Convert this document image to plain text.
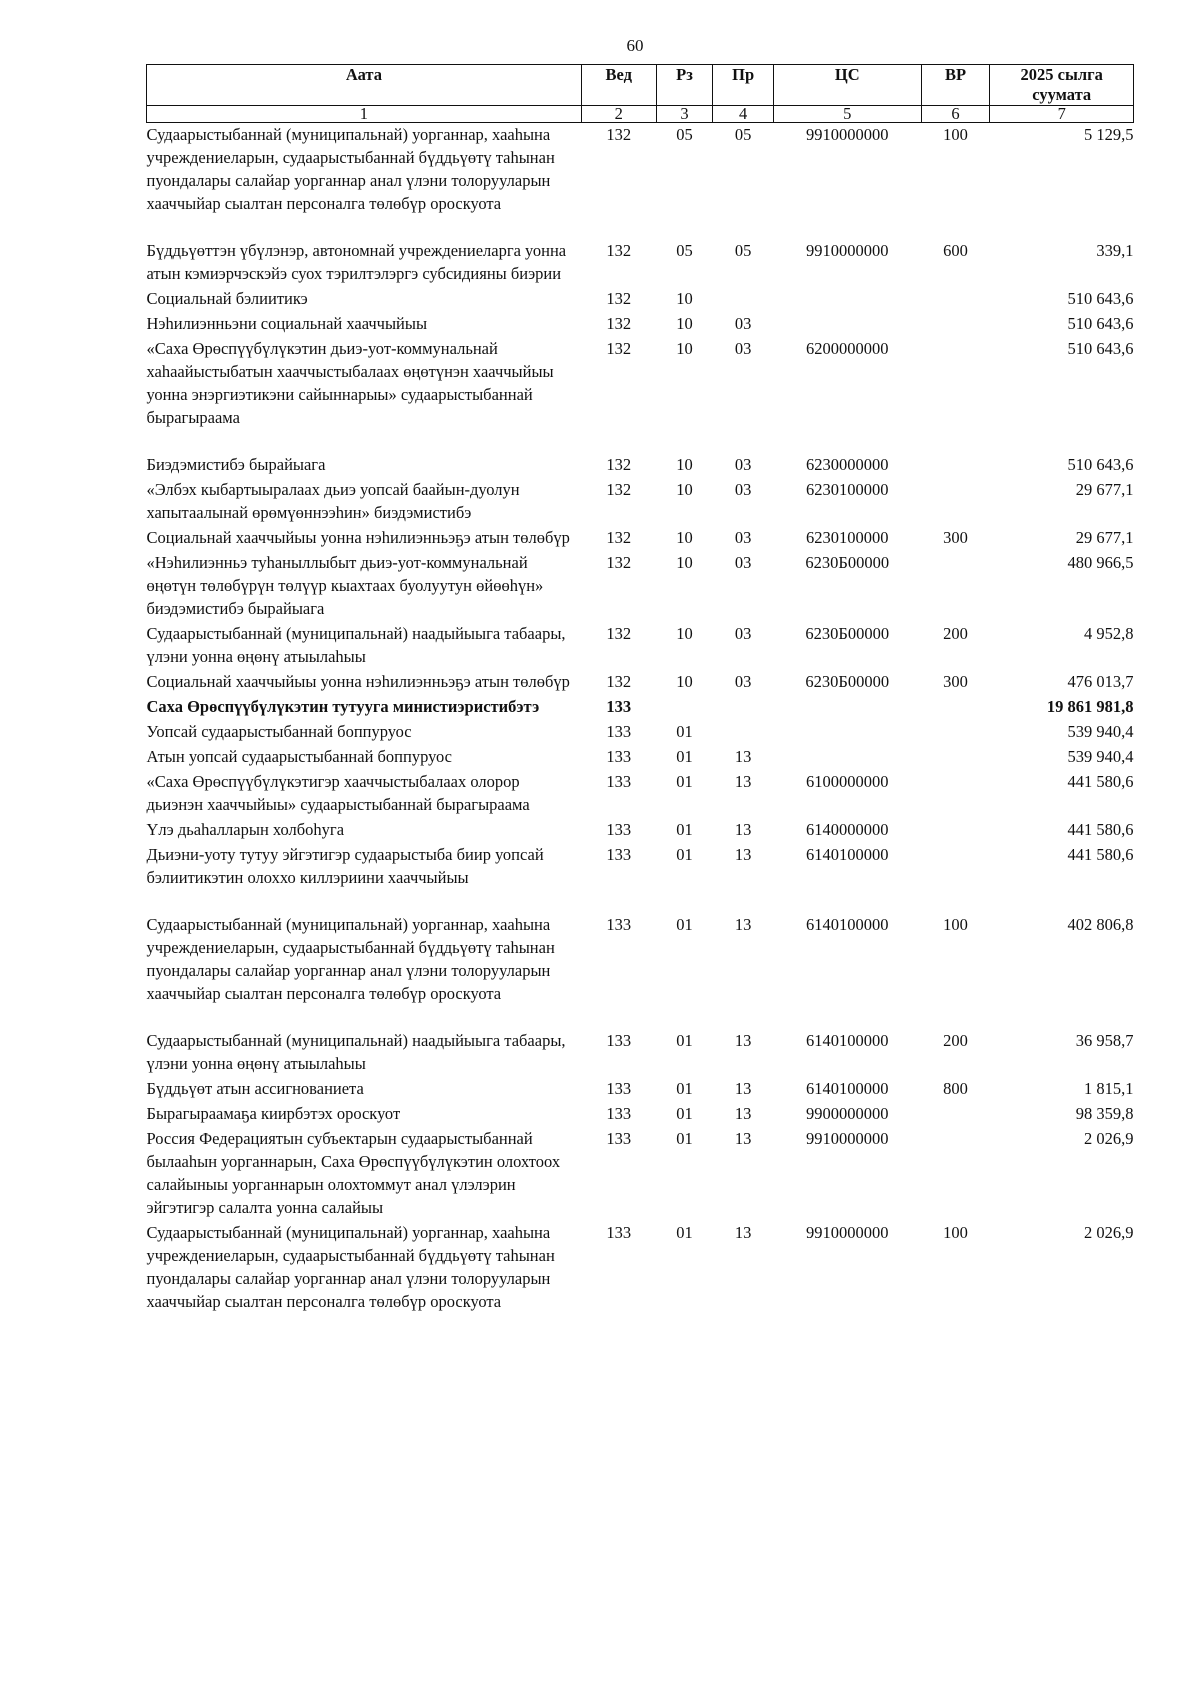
60
Аата	Вед	Рз	Пр	ЦС	ВР	2025 сылга суумата
1	2	3	4	5	6	7
Судаарыстыбаннай (муниципальнай) уорганнар, хааһына учреждениеларын, судаарыстыбаннай бүддьүөтү таһынан пуондалары салайар уорганнар анал үлэни толорууларын хааччыйар сыалтан персоналга төлөбүр ороскуота	132	05	05	9910000000	100	5 129,5
Бүддьүөттэн үбүлэнэр, автономнай учреждениеларга уонна атын кэмиэрчэскэйэ суох тэрилтэлэргэ субсидияны биэрии	132	05	05	9910000000	600	339,1
Социальнай бэлиитикэ	132	10				510 643,6
Нэһилиэнньэни социальнай хааччыйыы	132	10	03			510 643,6
«Саха Өрөспүүбүлүкэтин дьиэ-уот-коммунальнай хаһаайыстыбатын хааччыстыбалаах өңөтүнэн хааччыйыы уонна энэргиэтикэни сайыннарыы» судаарыстыбаннай бырагыраама	132	10	03	6200000000		510 643,6
Биэдэмистибэ бырайыага	132	10	03	6230000000		510 643,6
«Элбэх кыбартыыралаах дьиэ уопсай баайын-дуолун хапытаалынай өрөмүөннээһин» биэдэмистибэ	132	10	03	6230100000		29 677,1
Социальнай хааччыйыы уонна нэһилиэнньэҕэ атын төлөбүр	132	10	03	6230100000	300	29 677,1
«Нэһилиэнньэ туһаныллыбыт дьиэ-уот-коммунальнай өңөтүн төлөбүрүн төлүүр кыахтаах буолуутун өйөөһүн» биэдэмистибэ бырайыага	132	10	03	6230Б00000		480 966,5
Судаарыстыбаннай (муниципальнай) наадыйыыга табаары, үлэни уонна өңөнү атыылаһыы	132	10	03	6230Б00000	200	4 952,8
Социальнай хааччыйыы уонна нэһилиэнньэҕэ атын төлөбүр	132	10	03	6230Б00000	300	476 013,7
Саха Өрөспүүбүлүкэтин тутууга министиэристибэтэ	133					19 861 981,8
Уопсай судаарыстыбаннай боппуруос	133	01				539 940,4
Атын уопсай судаарыстыбаннай боппуруос	133	01	13			539 940,4
«Саха Өрөспүүбүлүкэтигэр хааччыстыбалаах олорор дьиэнэн хааччыйыы» судаарыстыбаннай бырагыраама	133	01	13	6100000000		441 580,6
Үлэ дьаһалларын холбоһуга	133	01	13	6140000000		441 580,6
Дьиэни-уоту тутуу эйгэтигэр судаарыстыба биир уопсай бэлиитикэтин олоххо киллэриини хааччыйыы	133	01	13	6140100000		441 580,6
Судаарыстыбаннай (муниципальнай) уорганнар, хааһына учреждениеларын, судаарыстыбаннай бүддьүөтү таһынан пуондалары салайар уорганнар анал үлэни толорууларын хааччыйар сыалтан персоналга төлөбүр ороскуота	133	01	13	6140100000	100	402 806,8
Судаарыстыбаннай (муниципальнай) наадыйыыга табаары, үлэни уонна өңөнү атыылаһыы	133	01	13	6140100000	200	36 958,7
Бүддьүөт атын ассигнованиета	133	01	13	6140100000	800	1 815,1
Бырагыраамаҕа киирбэтэх ороскуот	133	01	13	9900000000		98 359,8
Россия Федерациятын субъектарын судаарыстыбаннай былааһын уорганнарын, Саха Өрөспүүбүлүкэтин олохтоох салайыныы уорганнарын олохтоммут анал үлэлэрин эйгэтигэр салалта уонна салайыы	133	01	13	9910000000		2 026,9
Судаарыстыбаннай (муниципальнай) уорганнар, хааһына учреждениеларын, судаарыстыбаннай бүддьүөтү таһынан пуондалары салайар уорганнар анал үлэни толорууларын хааччыйар сыалтан персоналга төлөбүр ороскуота	133	01	13	9910000000	100	2 026,9
